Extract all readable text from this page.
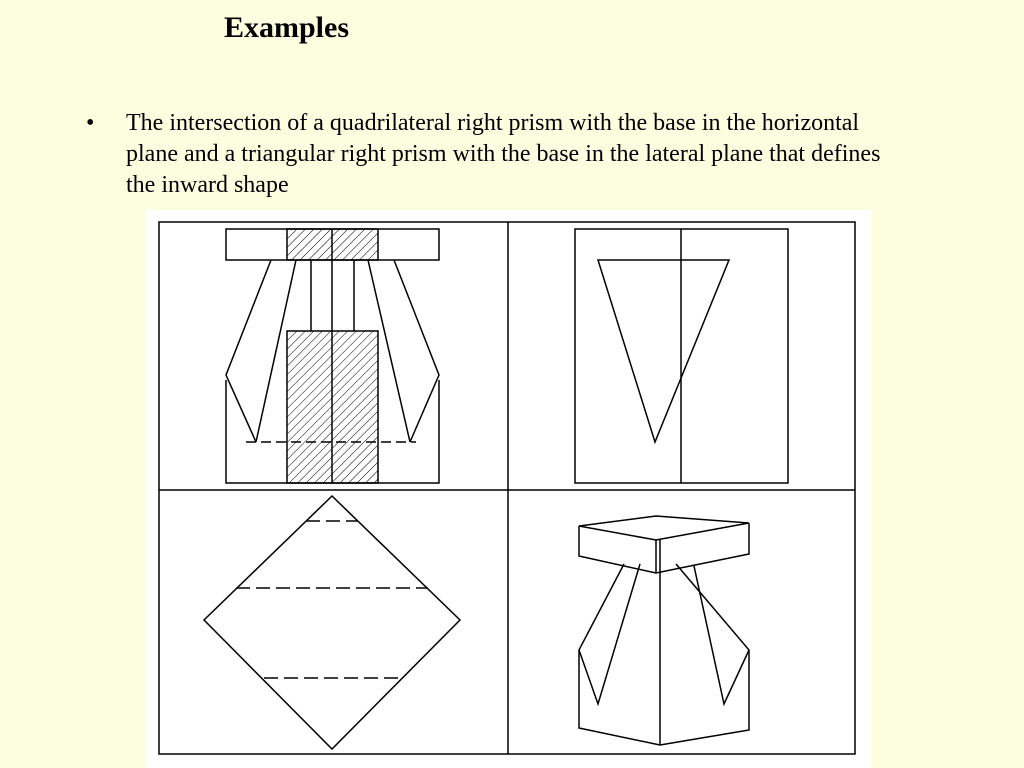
Examples
• The intersection of a quadrilateral right prism with the base in the horizontal plane and a triangular right prism with the base in the lateral plane that defines the inward shape
